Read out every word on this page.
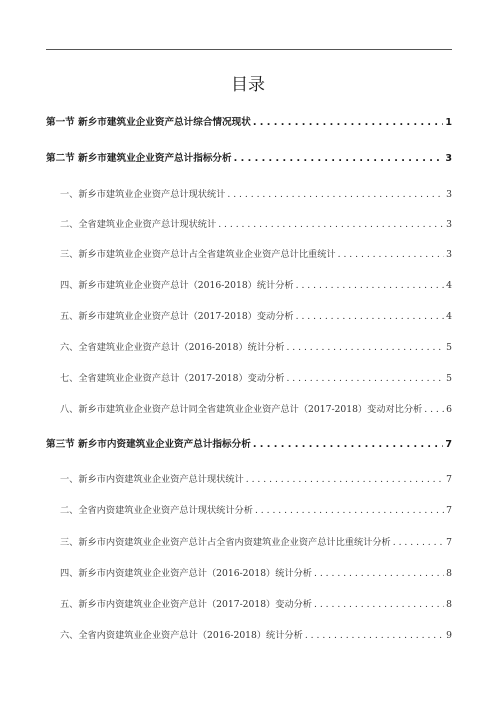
目录
第一节 新乡市建筑业企业资产总计综合情况现状 . . .	1
第二节 新乡市建筑业企业资产总计指标分析 . . .	3
一、新乡市建筑业企业资产总计现状统计 . . .	3
二、全省建筑业企业资产总计现状统计 . . .	3
三、新乡市建筑业企业资产总计占全省建筑业企业资产总计比重统计 . . .	3
四、新乡市建筑业企业资产总计（2016-2018）统计分析 . . .	4
五、新乡市建筑业企业资产总计（2017-2018）变动分析 . . .	4
六、全省建筑业企业资产总计（2016-2018）统计分析 . . .	5
七、全省建筑业企业资产总计（2017-2018）变动分析 . . .	5
八、新乡市建筑业企业资产总计同全省建筑业企业资产总计（2017-2018）变动对比分析 . . .	6
第三节 新乡市内资建筑业企业资产总计指标分析 . . .	7
一、新乡市内资建筑业企业资产总计现状统计 . . .	7
二、全省内资建筑业企业资产总计现状统计分析 . . .	7
三、新乡市内资建筑业企业资产总计占全省内资建筑业企业资产总计比重统计分析 . . .	7
四、新乡市内资建筑业企业资产总计（2016-2018）统计分析 . . .	8
五、新乡市内资建筑业企业资产总计（2017-2018）变动分析 . . .	8
六、全省内资建筑业企业资产总计（2016-2018）统计分析 . . .	9
